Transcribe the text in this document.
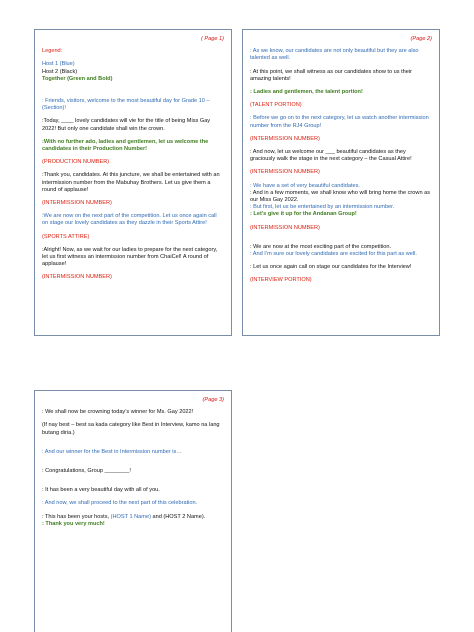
( Page 1)
Legend:
Host 1 (Blue)
Host 2 (Black)
Together (Green and Bold)

: Friends, visitors, welcome to the most beautiful day for Grade 10 – (Section)!

:Today, ____ lovely candidates will vie for the title of being Miss Gay 2022! But only one candidate shall win the crown.

:With no further ado, ladies and gentlemen, let us welcome the candidates in their Production Number!

(PRODUCTION NUMBER)

:Thank you, candidates. At this juncture, we shall be entertained with an intermission number from the Mabuhay Brothers. Let us give them a round of applause!

(INTERMISSION NUMBER)

:We are now on the next part of the competition. Let us once again call on stage our lovely candidates as they dazzle in their Sports Attire!

(SPORTS ATTIRE)

:Alright! Now, as we wait for our ladies to prepare for the next category, let us first witness an intermission number from ChaiCel! A round of applause!

(INTERMISSION NUMBER)

(Page 2)

: As we know, our candidates are not only beautiful but they are also talented as well.

: At this point, we shall witness as our candidates show to us their amazing talents!

: Ladies and gentlemen, the talent portion!

(TALENT PORTION)

: Before we go on to the next category, let us watch another intermission number from the RJ4 Group!

(INTERMISSION NUMBER)

: And now, let us welcome our ___ beautiful candidates as they graciously walk the stage in the next category – the Casual Attire!

(INTERMISSION NUMBER)

: We have a set of very beautiful candidates.
: And in a few moments, we shall know who will bring home the crown as our Miss Gay 2022.
: But first, let us be entertained by an intermission number.

: Let’s give it up for the Andanan Group!

(INTERMISSION NUMBER)

: We are now at the most exciting part of the competition.

: And I’m sure our lovely candidates are excited for this part as well.

: Let us once again call on stage our candidates for the Interview!

(INTERVIEW PORTION)

(Page 3)

: We shall now be crowning today’s winner for Ms. Gay 2022!

(If nay best – best sa kada category like Best in Interview, kamo na lang butang diria.)

: And our winner for the Best in Intermission number is…

: Congratulations, Group ________!

: It has been a very beautiful day with all of you.

: And now, we shall proceed to the next part of this celebration.

: This has been your hosts, (HOST 1 Name) and (HOST 2 Name).

: Thank you very much!
